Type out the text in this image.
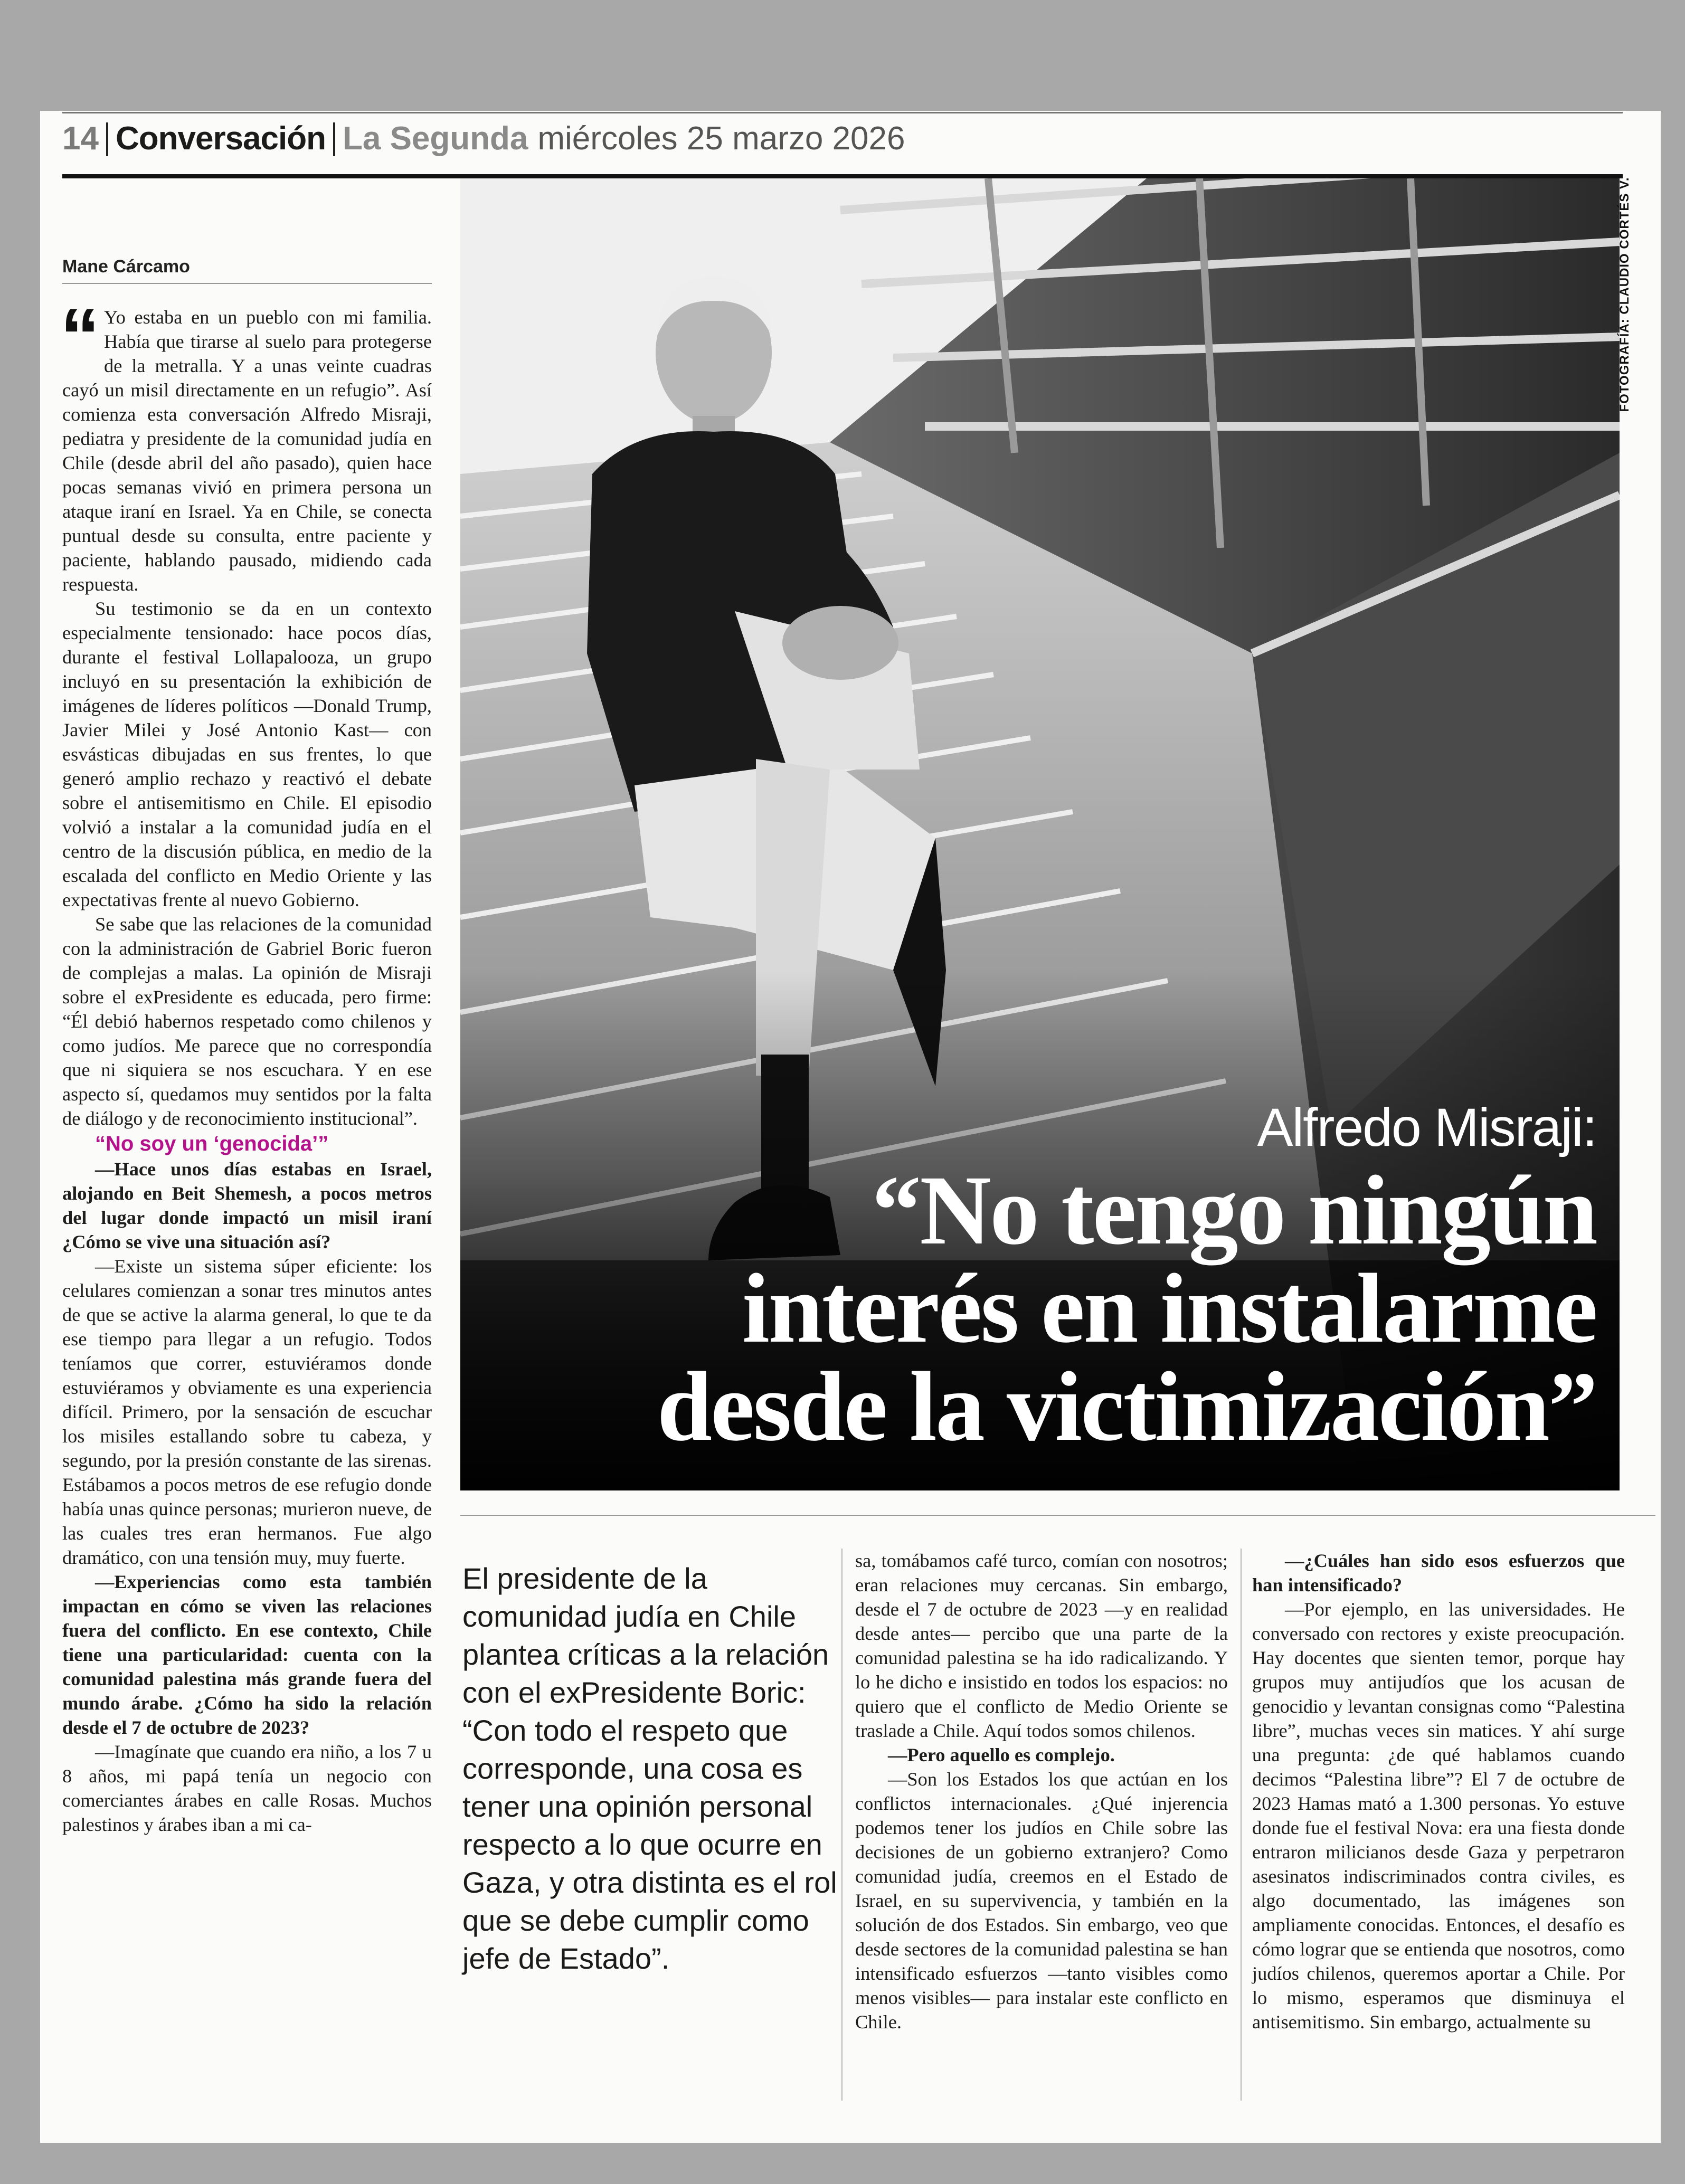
14 Conversación La Segunda miércoles 25 marzo 2026
FOTOGRAFÍA: CLAUDIO CORTÉS V.
Alfredo Misraji:
“No tengo ningún
interés en instalarme
desde la victimización”
Mane Cárcamo

“ Yo estaba en un pueblo con mi familia. Había que tirarse al suelo para protegerse de la metralla. Y a unas veinte cuadras cayó un misil directamente en un refugio”. Así comienza esta conversación Alfredo Misraji, pediatra y presidente de la comunidad judía en Chile (desde abril del año pasado), quien hace pocas semanas vivió en primera persona un ataque iraní en Israel. Ya en Chile, se conecta puntual desde su consulta, entre paciente y paciente, hablando pausado, midiendo cada respuesta.

Su testimonio se da en un contexto especialmente tensionado: hace pocos días, durante el festival Lollapalooza, un grupo incluyó en su presentación la exhibición de imágenes de líderes políticos —Donald Trump, Javier Milei y José Antonio Kast— con esvásticas dibujadas en sus frentes, lo que generó amplio rechazo y reactivó el debate sobre el antisemitismo en Chile. El episodio volvió a instalar a la comunidad judía en el centro de la discusión pública, en medio de la escalada del conflicto en Medio Oriente y las expectativas frente al nuevo Gobierno.

Se sabe que las relaciones de la comunidad con la administración de Gabriel Boric fueron de complejas a malas. La opinión de Misraji sobre el exPresidente es educada, pero firme: “Él debió habernos respetado como chilenos y como judíos. Me parece que no correspondía que ni siquiera se nos escuchara. Y en ese aspecto sí, quedamos muy sentidos por la falta de diálogo y de reconocimiento institucional”.

“No soy un ‘genocida’”

—Hace unos días estabas en Israel, alojando en Beit Shemesh, a pocos metros del lugar donde impactó un misil iraní ¿Cómo se vive una situación así?

—Existe un sistema súper eficiente: los celulares comienzan a sonar tres minutos antes de que se active la alarma general, lo que te da ese tiempo para llegar a un refugio. Todos teníamos que correr, estuviéramos donde estuviéramos y obviamente es una experiencia difícil. Primero, por la sensación de escuchar los misiles estallando sobre tu cabeza, y segundo, por la presión constante de las sirenas. Estábamos a pocos metros de ese refugio donde había unas quince personas; murieron nueve, de las cuales tres eran hermanos. Fue algo dramático, con una tensión muy, muy fuerte.

—Experiencias como esta también impactan en cómo se viven las relaciones fuera del conflicto. En ese contexto, Chile tiene una particularidad: cuenta con la comunidad palestina más grande fuera del mundo árabe. ¿Cómo ha sido la relación desde el 7 de octubre de 2023?

—Imagínate que cuando era niño, a los 7 u 8 años, mi papá tenía un negocio con comerciantes árabes en calle Rosas. Muchos palestinos y árabes iban a mi ca-

El presidente de la comunidad judía en Chile plantea críticas a la relación con el exPresidente Boric: “Con todo el respeto que corresponde, una cosa es tener una opinión personal respecto a lo que ocurre en Gaza, y otra distinta es el rol que se debe cumplir como jefe de Estado”.

sa, tomábamos café turco, comían con nosotros; eran relaciones muy cercanas. Sin embargo, desde el 7 de octubre de 2023 —y en realidad desde antes— percibo que una parte de la comunidad palestina se ha ido radicalizando. Y lo he dicho e insistido en todos los espacios: no quiero que el conflicto de Medio Oriente se traslade a Chile. Aquí todos somos chilenos.

—Pero aquello es complejo.

—Son los Estados los que actúan en los conflictos internacionales. ¿Qué injerencia podemos tener los judíos en Chile sobre las decisiones de un gobierno extranjero? Como comunidad judía, creemos en el Estado de Israel, en su supervivencia, y también en la solución de dos Estados. Sin embargo, veo que desde sectores de la comunidad palestina se han intensificado esfuerzos —tanto visibles como menos visibles— para instalar este conflicto en Chile.

—¿Cuáles han sido esos esfuerzos que han intensificado?

—Por ejemplo, en las universidades. He conversado con rectores y existe preocupación. Hay docentes que sienten temor, porque hay grupos muy antijudíos que los acusan de genocidio y levantan consignas como “Palestina libre”, muchas veces sin matices. Y ahí surge una pregunta: ¿de qué hablamos cuando decimos “Palestina libre”? El 7 de octubre de 2023 Hamas mató a 1.300 personas. Yo estuve donde fue el festival Nova: era una fiesta donde entraron milicianos desde Gaza y perpetraron asesinatos indiscriminados contra civiles, es algo documentado, las imágenes son ampliamente conocidas. Entonces, el desafío es cómo lograr que se entienda que nosotros, como judíos chilenos, queremos aportar a Chile. Por lo mismo, esperamos que disminuya el antisemitismo. Sin embargo, actualmente su
